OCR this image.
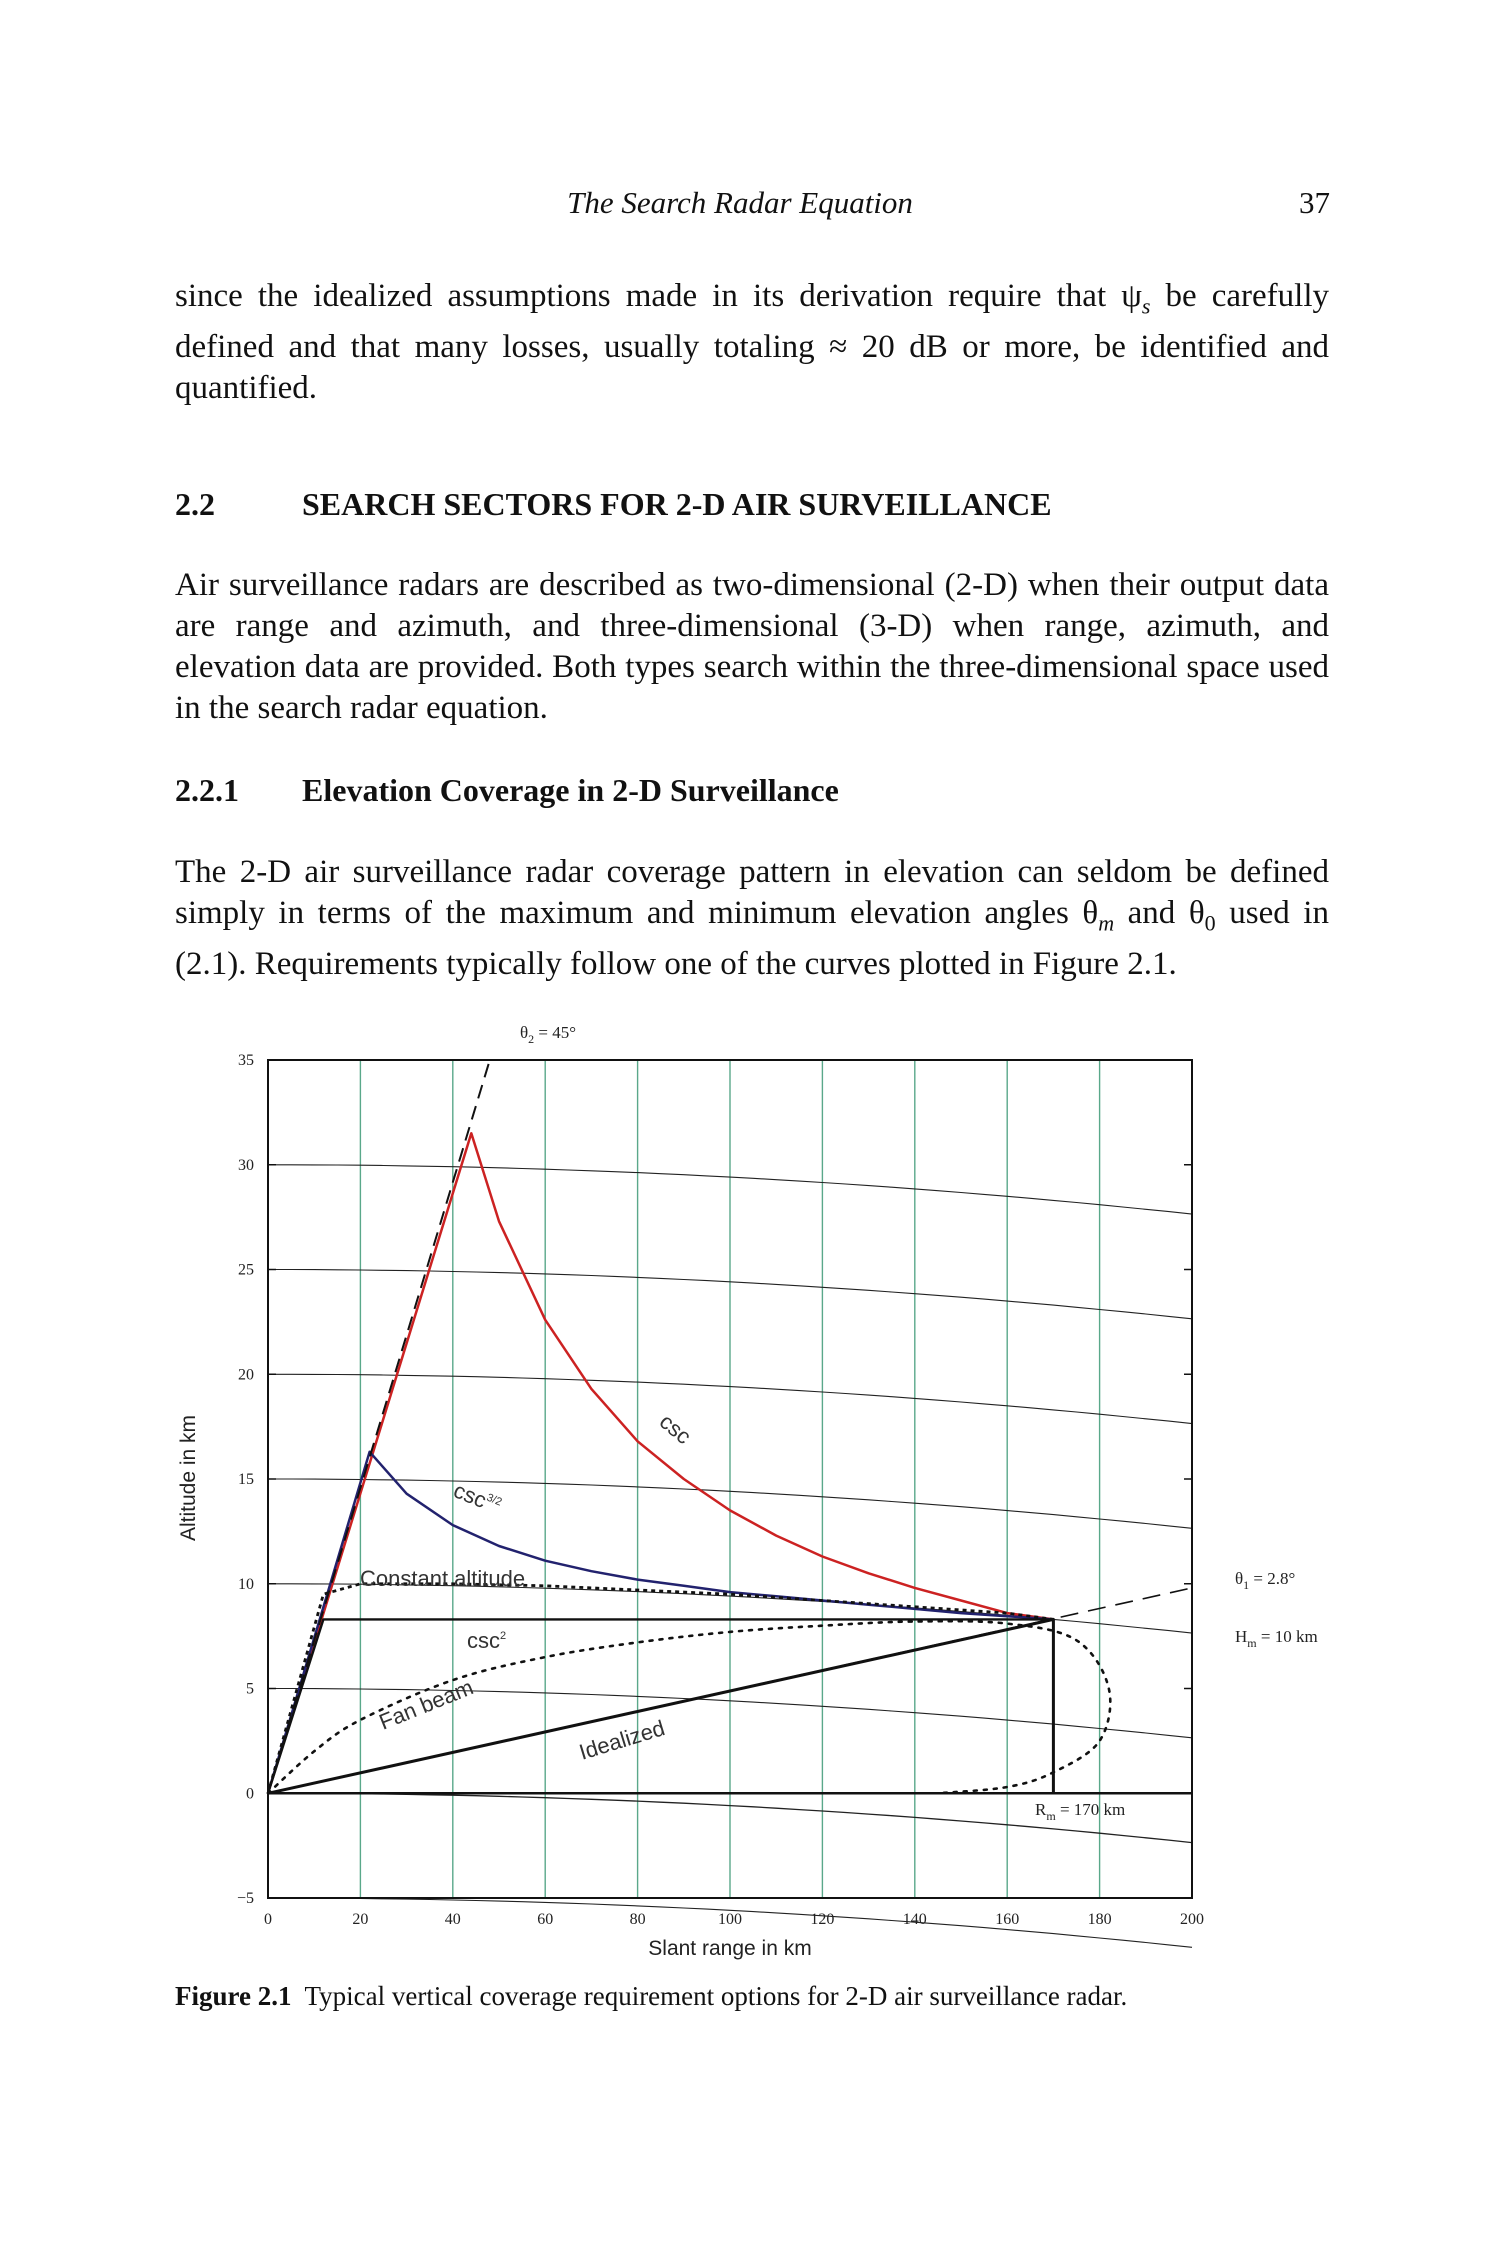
The Search Radar Equation	37

since the idealized assumptions made in its derivation require that $\psi_s$ be carefully defined and that many losses, usually totaling ≈ 20 dB or more, be identified and quantified.

2.2	SEARCH SECTORS FOR 2-D AIR SURVEILLANCE

Air surveillance radars are described as two-dimensional (2-D) when their output data are range and azimuth, and three-dimensional (3-D) when range, azimuth, and elevation data are provided. Both types search within the three-dimensional space used in the search radar equation.

2.2.1 Elevation Coverage in 2-D Surveillance

The 2-D air surveillance radar coverage pattern in elevation can seldom be defined simply in terms of the maximum and minimum elevation angles $\theta_m$ and $\theta_0$ used in (2.1). Requirements typically follow one of the curves plotted in Figure 2.1.

0	20	40	60	80	100	120	140	160	180	200
−5
0
5
10
15
20
25
30
35
Slant range in km
Altitude in km
$\theta_2 = 45^\circ$
$\theta_1 = 2.8^\circ$
$H_m = 10$ km
$R_m = 170$ km
csc
$\csc^{3/2}$
Constant altitude
$\csc^2$
Fan beam
Idealized

Figure 2.1 Typical vertical coverage requirement options for 2-D air surveillance radar.
